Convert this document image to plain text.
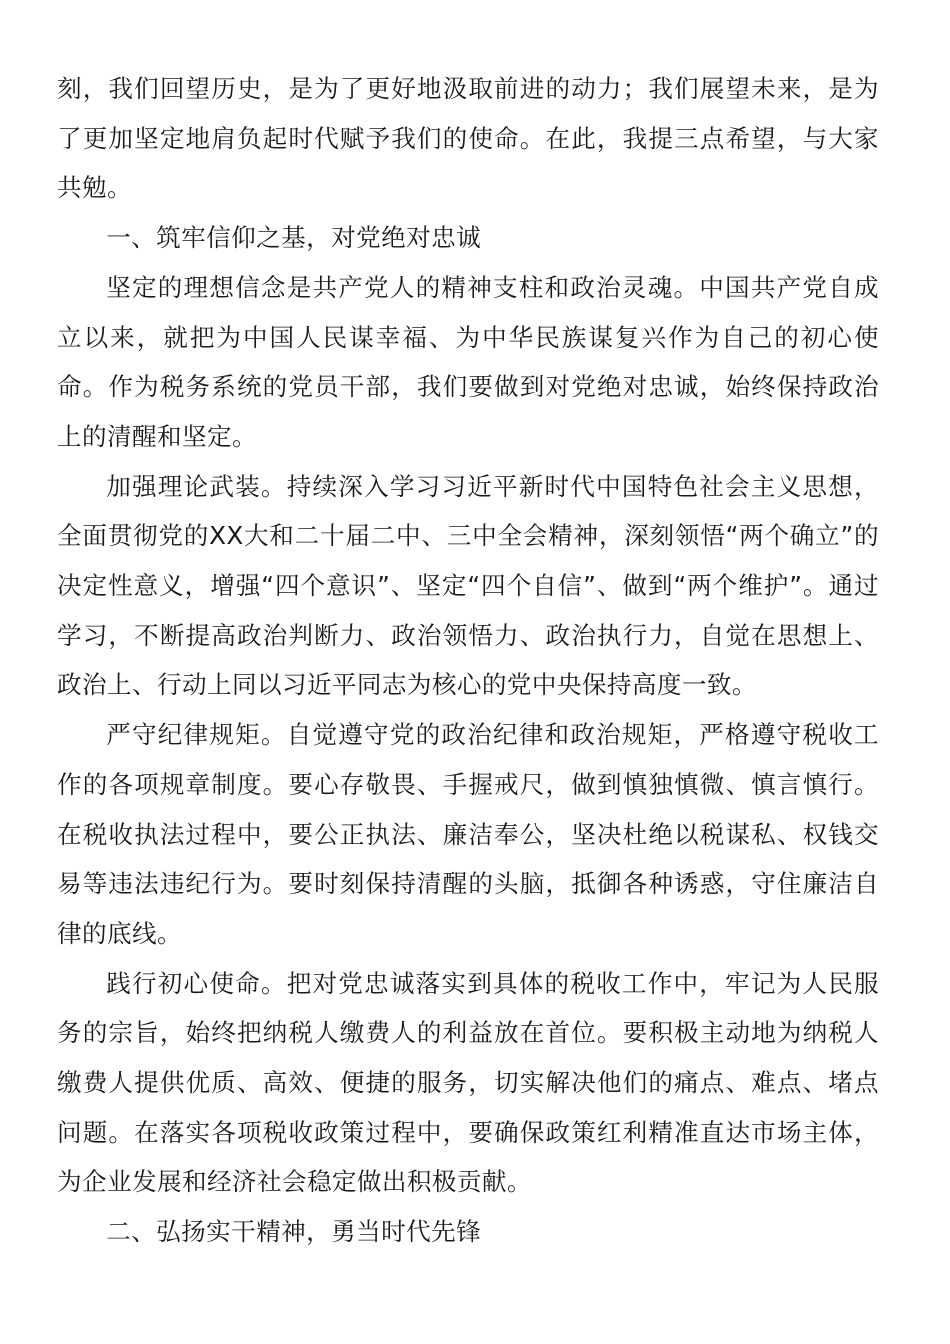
刻，我们回望历史，是为了更好地汲取前进的动力；我们展望未来，是为了更加坚定地肩负起时代赋予我们的使命。在此，我提三点希望，与大家共勉。

一、筑牢信仰之基，对党绝对忠诚

坚定的理想信念是共产党人的精神支柱和政治灵魂。中国共产党自成立以来，就把为中国人民谋幸福、为中华民族谋复兴作为自己的初心使命。作为税务系统的党员干部，我们要做到对党绝对忠诚，始终保持政治上的清醒和坚定。

加强理论武装。持续深入学习习近平新时代中国特色社会主义思想，全面贯彻党的XX大和二十届二中、三中全会精神，深刻领悟“两个确立”的决定性意义，增强“四个意识”、坚定“四个自信”、做到“两个维护”。通过学习，不断提高政治判断力、政治领悟力、政治执行力，自觉在思想上、政治上、行动上同以习近平同志为核心的党中央保持高度一致。

严守纪律规矩。自觉遵守党的政治纪律和政治规矩，严格遵守税收工作的各项规章制度。要心存敬畏、手握戒尺，做到慎独慎微、慎言慎行。在税收执法过程中，要公正执法、廉洁奉公，坚决杜绝以税谋私、权钱交易等违法违纪行为。要时刻保持清醒的头脑，抵御各种诱惑，守住廉洁自律的底线。

践行初心使命。把对党忠诚落实到具体的税收工作中，牢记为人民服务的宗旨，始终把纳税人缴费人的利益放在首位。要积极主动地为纳税人缴费人提供优质、高效、便捷的服务，切实解决他们的痛点、难点、堵点问题。在落实各项税收政策过程中，要确保政策红利精准直达市场主体，为企业发展和经济社会稳定做出积极贡献。

二、弘扬实干精神，勇当时代先锋
